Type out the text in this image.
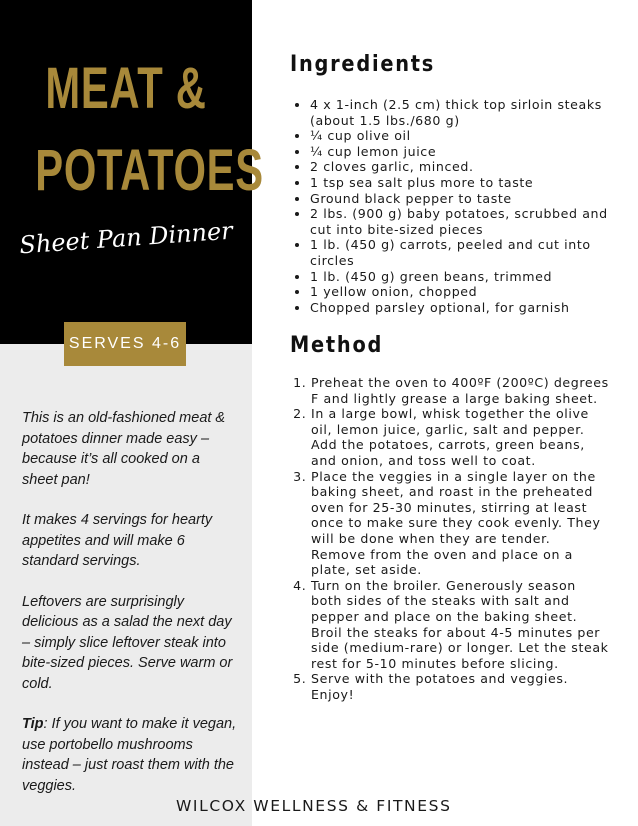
MEAT &
POTATOES
Sheet Pan Dinner
SERVES 4-6

This is an old-fashioned meat & potatoes dinner made easy – because it’s all cooked on a sheet pan!

It makes 4 servings for hearty appetites and will make 6 standard servings.

Leftovers are surprisingly delicious as a salad the next day – simply slice leftover steak into bite-sized pieces. Serve warm or cold.

Tip: If you want to make it vegan, use portobello mushrooms instead – just roast them with the veggies.

Ingredients
• 4 x 1-inch (2.5 cm) thick top sirloin steaks (about 1.5 lbs./680 g)
• ¼ cup olive oil
• ¼ cup lemon juice
• 2 cloves garlic, minced.
• 1 tsp sea salt plus more to taste
• Ground black pepper to taste
• 2 lbs. (900 g) baby potatoes, scrubbed and cut into bite-sized pieces
• 1 lb. (450 g) carrots, peeled and cut into circles
• 1 lb. (450 g) green beans, trimmed
• 1 yellow onion, chopped
• Chopped parsley optional, for garnish
Method
1. Preheat the oven to 400ºF (200ºC) degrees F and lightly grease a large baking sheet.
2. In a large bowl, whisk together the olive oil, lemon juice, garlic, salt and pepper. Add the potatoes, carrots, green beans, and onion, and toss well to coat.
3. Place the veggies in a single layer on the baking sheet, and roast in the preheated oven for 25-30 minutes, stirring at least once to make sure they cook evenly. They will be done when they are tender. Remove from the oven and place on a plate, set aside.
4. Turn on the broiler. Generously season both sides of the steaks with salt and pepper and place on the baking sheet. Broil the steaks for about 4-5 minutes per side (medium-rare) or longer. Let the steak rest for 5-10 minutes before slicing.
5. Serve with the potatoes and veggies. Enjoy!
WILCOX WELLNESS & FITNESS
